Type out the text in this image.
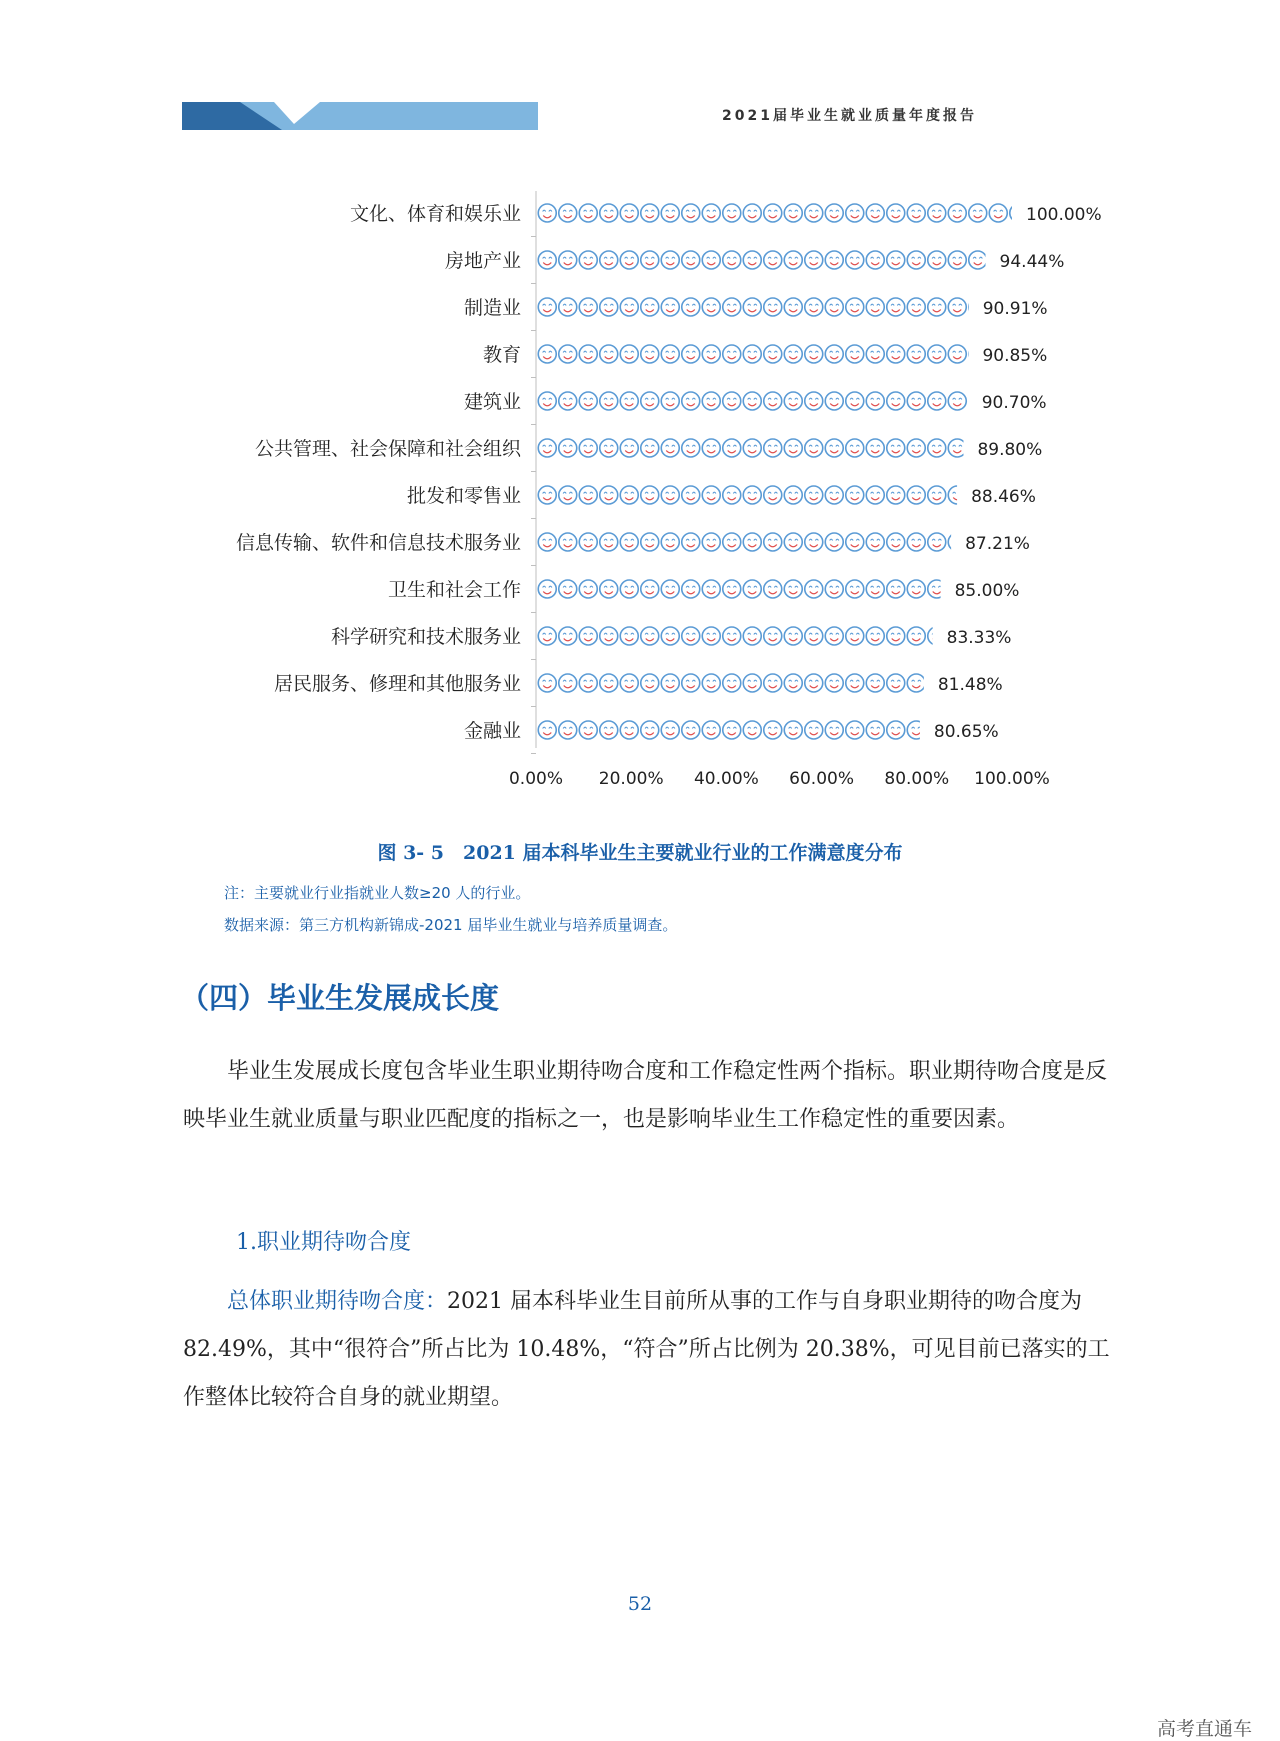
2021届毕业生就业质量年度报告
文化、体育和娱乐业	100.00%
房地产业	94.44%
制造业	90.91%
教育	90.85%
建筑业	90.70%
公共管理、社会保障和社会组织	89.80%
批发和零售业	88.46%
信息传输、软件和信息技术服务业	87.21%
卫生和社会工作	85.00%
科学研究和技术服务业	83.33%
居民服务、修理和其他服务业	81.48%
金融业	80.65%
0.00% 20.00% 40.00% 60.00% 80.00% 100.00%
图 3- 5　2021 届本科毕业生主要就业行业的工作满意度分布
注：主要就业行业指就业人数≥20 人的行业。
数据来源：第三方机构新锦成-2021 届毕业生就业与培养质量调查。
（四）毕业生发展成长度
毕业生发展成长度包含毕业生职业期待吻合度和工作稳定性两个指标。职业期待吻合度是反映毕业生就业质量与职业匹配度的指标之一，也是影响毕业生工作稳定性的重要因素。
1.职业期待吻合度
总体职业期待吻合度：2021 届本科毕业生目前所从事的工作与自身职业期待的吻合度为 82.49%，其中“很符合”所占比为 10.48%，“符合”所占比例为 20.38%，可见目前已落实的工作整体比较符合自身的就业期望。
52
高考直通车
